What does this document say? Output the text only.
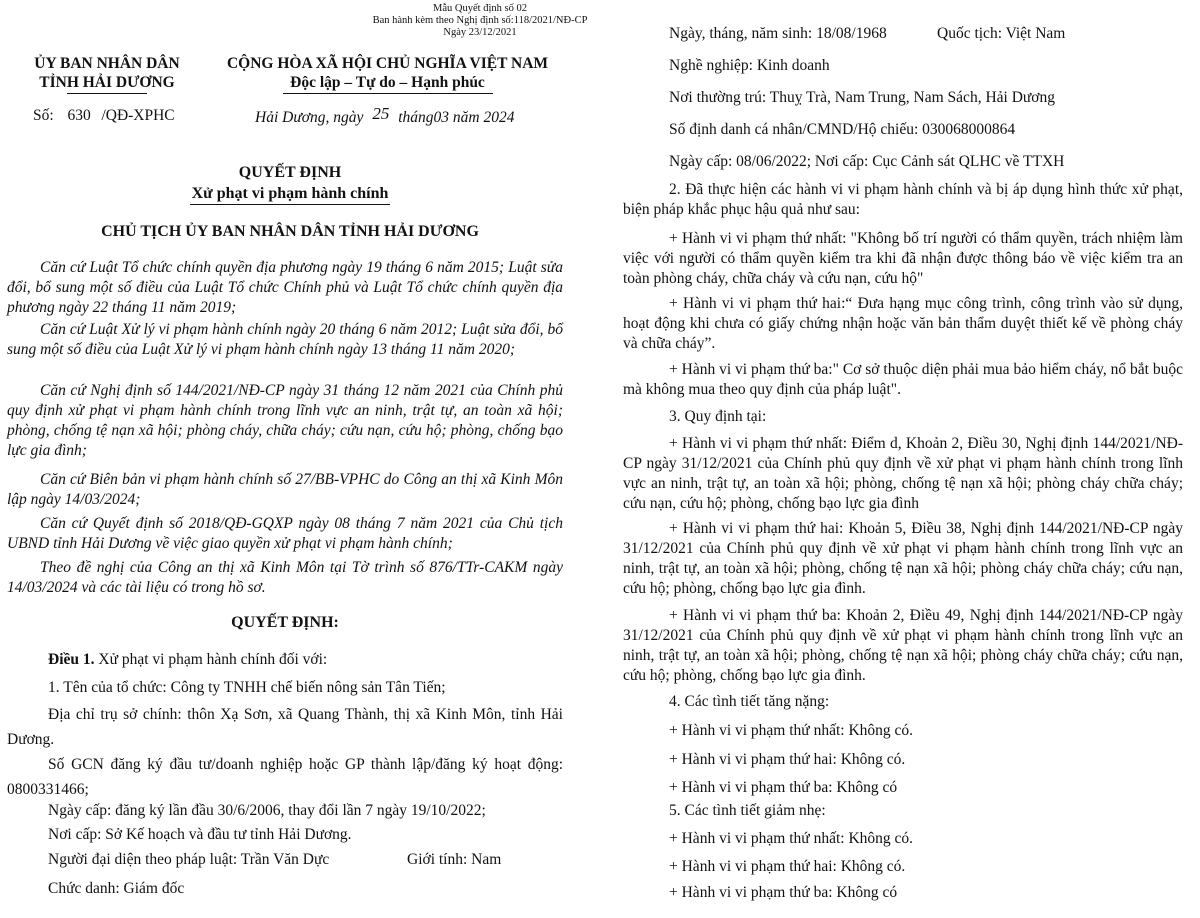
Mẫu Quyết định số 02
Ban hành kèm theo Nghị định số:118/2021/NĐ-CP
Ngày 23/12/2021
ỦY BAN NHÂN DÂN
TỈNH HẢI DƯƠNG
CỘNG HÒA XÃ HỘI CHỦ NGHĨA VIỆT NAM
Độc lập – Tự do – Hạnh phúc
Số: 630 /QĐ-XPHC	Hải Dương, ngày 25 tháng03 năm 2024
QUYẾT ĐỊNH
Xử phạt vi phạm hành chính
CHỦ TỊCH ỦY BAN NHÂN DÂN TỈNH HẢI DƯƠNG

Căn cứ Luật Tổ chức chính quyền địa phương ngày 19 tháng 6 năm 2015; Luật sửa đổi, bổ sung một số điều của Luật Tổ chức Chính phủ và Luật Tổ chức chính quyền địa phương ngày 22 tháng 11 năm 2019;

Căn cứ Luật Xử lý vi phạm hành chính ngày 20 tháng 6 năm 2012; Luật sửa đổi, bổ sung một số điều của Luật Xử lý vi phạm hành chính ngày 13 tháng 11 năm 2020;

Căn cứ Nghị định số 144/2021/NĐ-CP ngày 31 tháng 12 năm 2021 của Chính phủ quy định xử phạt vi phạm hành chính trong lĩnh vực an ninh, trật tự, an toàn xã hội; phòng, chống tệ nạn xã hội; phòng cháy, chữa cháy; cứu nạn, cứu hộ; phòng, chống bạo lực gia đình;

Căn cứ Biên bản vi phạm hành chính số 27/BB-VPHC do Công an thị xã Kinh Môn lập ngày 14/03/2024;

Căn cứ Quyết định số 2018/QĐ-GQXP ngày 08 tháng 7 năm 2021 của Chủ tịch UBND tỉnh Hải Dương về việc giao quyền xử phạt vi phạm hành chính;

Theo đề nghị của Công an thị xã Kinh Môn tại Tờ trình số 876/TTr-CAKM ngày 14/03/2024 và các tài liệu có trong hồ sơ.

QUYẾT ĐỊNH:
Điều 1. Xử phạt vi phạm hành chính đối với:
1. Tên của tổ chức: Công ty TNHH chế biến nông sản Tân Tiến;

Địa chỉ trụ sở chính: thôn Xạ Sơn, xã Quang Thành, thị xã Kinh Môn, tỉnh Hải Dương.

Số GCN đăng ký đầu tư/doanh nghiệp hoặc GP thành lập/đăng ký hoạt động: 0800331466;

Ngày cấp: đăng ký lần đầu 30/6/2006, thay đổi lần 7 ngày 19/10/2022;
Nơi cấp: Sở Kế hoạch và đầu tư tỉnh Hải Dương.
Người đại diện theo pháp luật: Trần Văn Dực	Giới tính: Nam
Chức danh: Giám đốc
Ngày, tháng, năm sinh: 18/08/1968	Quốc tịch: Việt Nam
Nghề nghiệp: Kinh doanh
Nơi thường trú: Thuỵ Trà, Nam Trung, Nam Sách, Hải Dương
Số định danh cá nhân/CMND/Hộ chiếu: 030068000864
Ngày cấp: 08/06/2022; Nơi cấp: Cục Cảnh sát QLHC về TTXH

2. Đã thực hiện các hành vi vi phạm hành chính và bị áp dụng hình thức xử phạt, biện pháp khắc phục hậu quả như sau:

+ Hành vi vi phạm thứ nhất: "Không bố trí người có thẩm quyền, trách nhiệm làm việc với người có thẩm quyền kiểm tra khi đã nhận được thông báo về việc kiểm tra an toàn phòng cháy, chữa cháy và cứu nạn, cứu hộ"

+ Hành vi vi phạm thứ hai:“ Đưa hạng mục công trình, công trình vào sử dụng, hoạt động khi chưa có giấy chứng nhận hoặc văn bản thẩm duyệt thiết kế về phòng cháy và chữa cháy”.

+ Hành vi vi phạm thứ ba:" Cơ sở thuộc diện phải mua bảo hiểm cháy, nổ bắt buộc mà không mua theo quy định của pháp luật".

3. Quy định tại:

+ Hành vi vi phạm thứ nhất: Điểm d, Khoản 2, Điều 30, Nghị định 144/2021/NĐ-CP ngày 31/12/2021 của Chính phủ quy định về xử phạt vi phạm hành chính trong lĩnh vực an ninh, trật tự, an toàn xã hội; phòng, chống tệ nạn xã hội; phòng cháy chữa cháy; cứu nạn, cứu hộ; phòng, chống bạo lực gia đình

+ Hành vi vi phạm thứ hai: Khoản 5, Điều 38, Nghị định 144/2021/NĐ-CP ngày 31/12/2021 của Chính phủ quy định về xử phạt vi phạm hành chính trong lĩnh vực an ninh, trật tự, an toàn xã hội; phòng, chống tệ nạn xã hội; phòng cháy chữa cháy; cứu nạn, cứu hộ; phòng, chống bạo lực gia đình.

+ Hành vi vi phạm thứ ba: Khoản 2, Điều 49, Nghị định 144/2021/NĐ-CP ngày 31/12/2021 của Chính phủ quy định về xử phạt vi phạm hành chính trong lĩnh vực an ninh, trật tự, an toàn xã hội; phòng, chống tệ nạn xã hội; phòng cháy chữa cháy; cứu nạn, cứu hộ; phòng, chống bạo lực gia đình.

4. Các tình tiết tăng nặng:
+ Hành vi vi phạm thứ nhất: Không có.
+ Hành vi vi phạm thứ hai: Không có.
+ Hành vi vi phạm thứ ba: Không có
5. Các tình tiết giảm nhẹ:
+ Hành vi vi phạm thứ nhất: Không có.
+ Hành vi vi phạm thứ hai: Không có.
+ Hành vi vi phạm thứ ba: Không có
